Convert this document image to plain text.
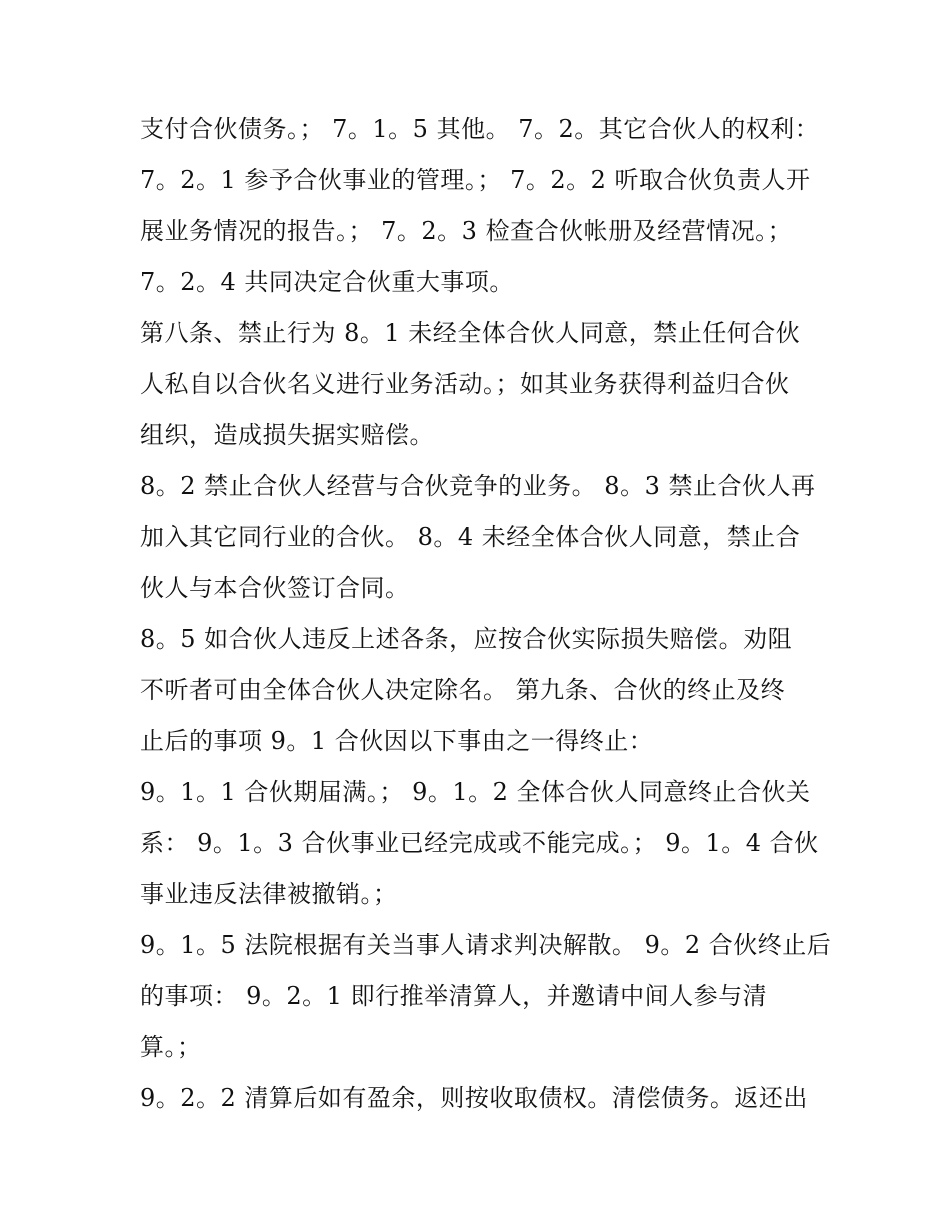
支付合伙债务。； 7。1。5 其他。 7。2。其它合伙人的权利：
7。2。1 参予合伙事业的管理。； 7。2。2 听取合伙负责人开
展业务情况的报告。； 7。2。3 检查合伙帐册及经营情况。；
7。2。4 共同决定合伙重大事项。
第八条、禁止行为 8。1 未经全体合伙人同意，禁止任何合伙
人私自以合伙名义进行业务活动。；如其业务获得利益归合伙
组织，造成损失据实赔偿。
8。2 禁止合伙人经营与合伙竞争的业务。 8。3 禁止合伙人再
加入其它同行业的合伙。 8。4 未经全体合伙人同意，禁止合
伙人与本合伙签订合同。
8。5 如合伙人违反上述各条，应按合伙实际损失赔偿。劝阻
不听者可由全体合伙人决定除名。 第九条、合伙的终止及终
止后的事项 9。1 合伙因以下事由之一得终止：
9。1。1 合伙期届满。； 9。1。2 全体合伙人同意终止合伙关
系： 9。1。3 合伙事业已经完成或不能完成。； 9。1。4 合伙
事业违反法律被撤销。；
9。1。5 法院根据有关当事人请求判决解散。 9。2 合伙终止后
的事项： 9。2。1 即行推举清算人，并邀请中间人参与清
算。；
9。2。2 清算后如有盈余，则按收取债权。清偿债务。返还出
